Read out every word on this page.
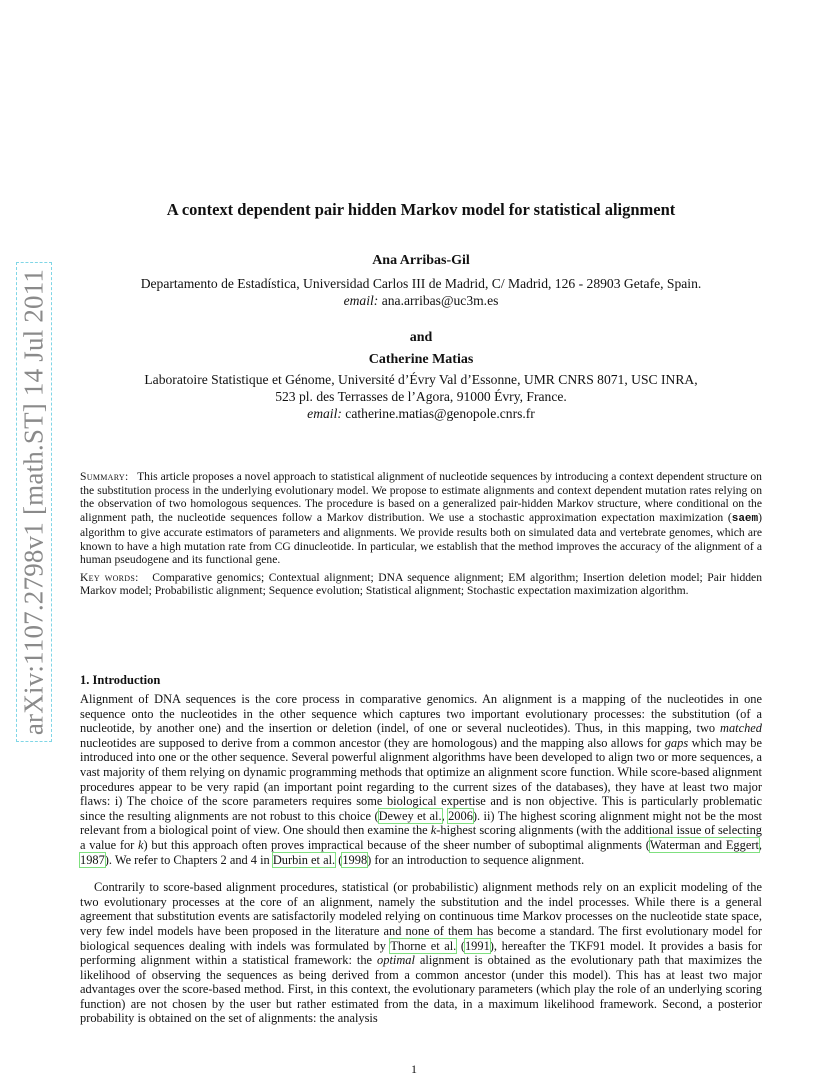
arXiv:1107.2798v1 [math.ST] 14 Jul 2011
A context dependent pair hidden Markov model for statistical alignment
Ana Arribas-Gil
Departamento de Estadística, Universidad Carlos III de Madrid, C/ Madrid, 126 - 28903 Getafe, Spain.
email: ana.arribas@uc3m.es
and
Catherine Matias
Laboratoire Statistique et Génome, Université d’Évry Val d’Essonne, UMR CNRS 8071, USC INRA,
523 pl. des Terrasses de l’Agora, 91000 Évry, France.
email: catherine.matias@genopole.cnrs.fr
Summary: This article proposes a novel approach to statistical alignment of nucleotide sequences by introducing a context dependent structure on the substitution process in the underlying evolutionary model. We propose to estimate alignments and context dependent mutation rates relying on the observation of two homologous sequences. The procedure is based on a generalized pair-hidden Markov structure, where conditional on the alignment path, the nucleotide sequences follow a Markov distribution. We use a stochastic approximation expectation maximization (saem) algorithm to give accurate estimators of parameters and alignments. We provide results both on simulated data and vertebrate genomes, which are known to have a high mutation rate from CG dinucleotide. In particular, we establish that the method improves the accuracy of the alignment of a human pseudogene and its functional gene.
Key words: Comparative genomics; Contextual alignment; DNA sequence alignment; EM algorithm; Insertion deletion model; Pair hidden Markov model; Probabilistic alignment; Sequence evolution; Statistical alignment; Stochastic expectation maximization algorithm.
1. Introduction

Alignment of DNA sequences is the core process in comparative genomics. An alignment is a mapping of the nucleotides in one sequence onto the nucleotides in the other sequence which captures two important evolutionary processes: the substitution (of a nucleotide, by another one) and the insertion or deletion (indel, of one or several nucleotides). Thus, in this mapping, two matched nucleotides are supposed to derive from a common ancestor (they are homologous) and the mapping also allows for gaps which may be introduced into one or the other sequence. Several powerful alignment algorithms have been developed to align two or more sequences, a vast majority of them relying on dynamic programming methods that optimize an alignment score function. While score-based alignment procedures appear to be very rapid (an important point regarding to the current sizes of the databases), they have at least two major flaws: i) The choice of the score parameters requires some biological expertise and is non objective. This is particularly problematic since the resulting alignments are not robust to this choice (Dewey et al., 2006). ii) The highest scoring alignment might not be the most relevant from a biological point of view. One should then examine the k-highest scoring alignments (with the additional issue of selecting a value for k) but this approach often proves impractical because of the sheer number of suboptimal alignments (Waterman and Eggert, 1987). We refer to Chapters 2 and 4 in Durbin et al. (1998) for an introduction to sequence alignment.

Contrarily to score-based alignment procedures, statistical (or probabilistic) alignment methods rely on an explicit modeling of the two evolutionary processes at the core of an alignment, namely the substitution and the indel processes. While there is a general agreement that substitution events are satisfactorily modeled relying on continuous time Markov processes on the nucleotide state space, very few indel models have been proposed in the literature and none of them has become a standard. The first evolutionary model for biological sequences dealing with indels was formulated by Thorne et al. (1991), hereafter the TKF91 model. It provides a basis for performing alignment within a statistical framework: the optimal alignment is obtained as the evolutionary path that maximizes the likelihood of observing the sequences as being derived from a common ancestor (under this model). This has at least two major advantages over the score-based method. First, in this context, the evolutionary parameters (which play the role of an underlying scoring function) are not chosen by the user but rather estimated from the data, in a maximum likelihood framework. Second, a posterior probability is obtained on the set of alignments: the analysis

1
